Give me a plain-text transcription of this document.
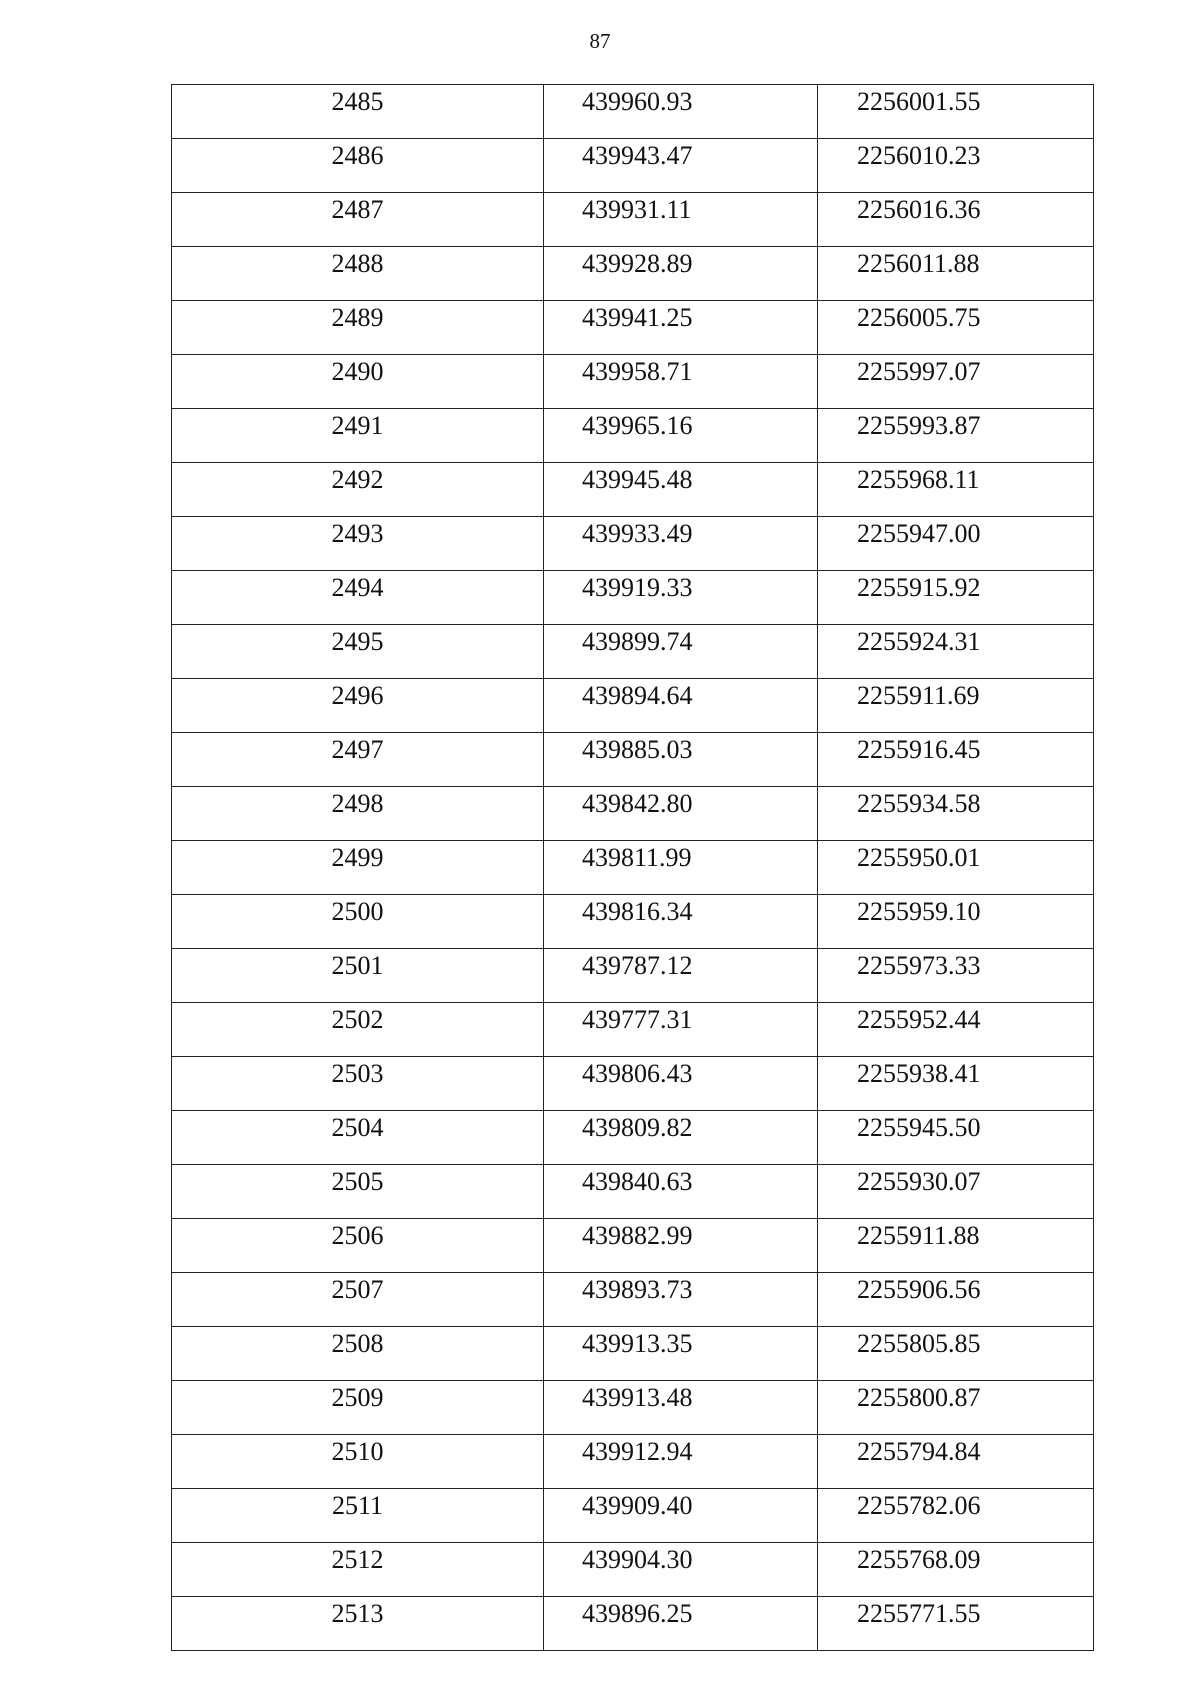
87
2485	439960.93	2256001.55

2486	439943.47	2256010.23

2487	439931.11	2256016.36

2488	439928.89	2256011.88

2489	439941.25	2256005.75

2490	439958.71	2255997.07

2491	439965.16	2255993.87

2492	439945.48	2255968.11

2493	439933.49	2255947.00

2494	439919.33	2255915.92

2495	439899.74	2255924.31

2496	439894.64	2255911.69

2497	439885.03	2255916.45

2498	439842.80	2255934.58

2499	439811.99	2255950.01

2500	439816.34	2255959.10

2501	439787.12	2255973.33

2502	439777.31	2255952.44

2503	439806.43	2255938.41

2504	439809.82	2255945.50

2505	439840.63	2255930.07

2506	439882.99	2255911.88

2507	439893.73	2255906.56

2508	439913.35	2255805.85

2509	439913.48	2255800.87

2510	439912.94	2255794.84

2511	439909.40	2255782.06

2512	439904.30	2255768.09

2513	439896.25	2255771.55
